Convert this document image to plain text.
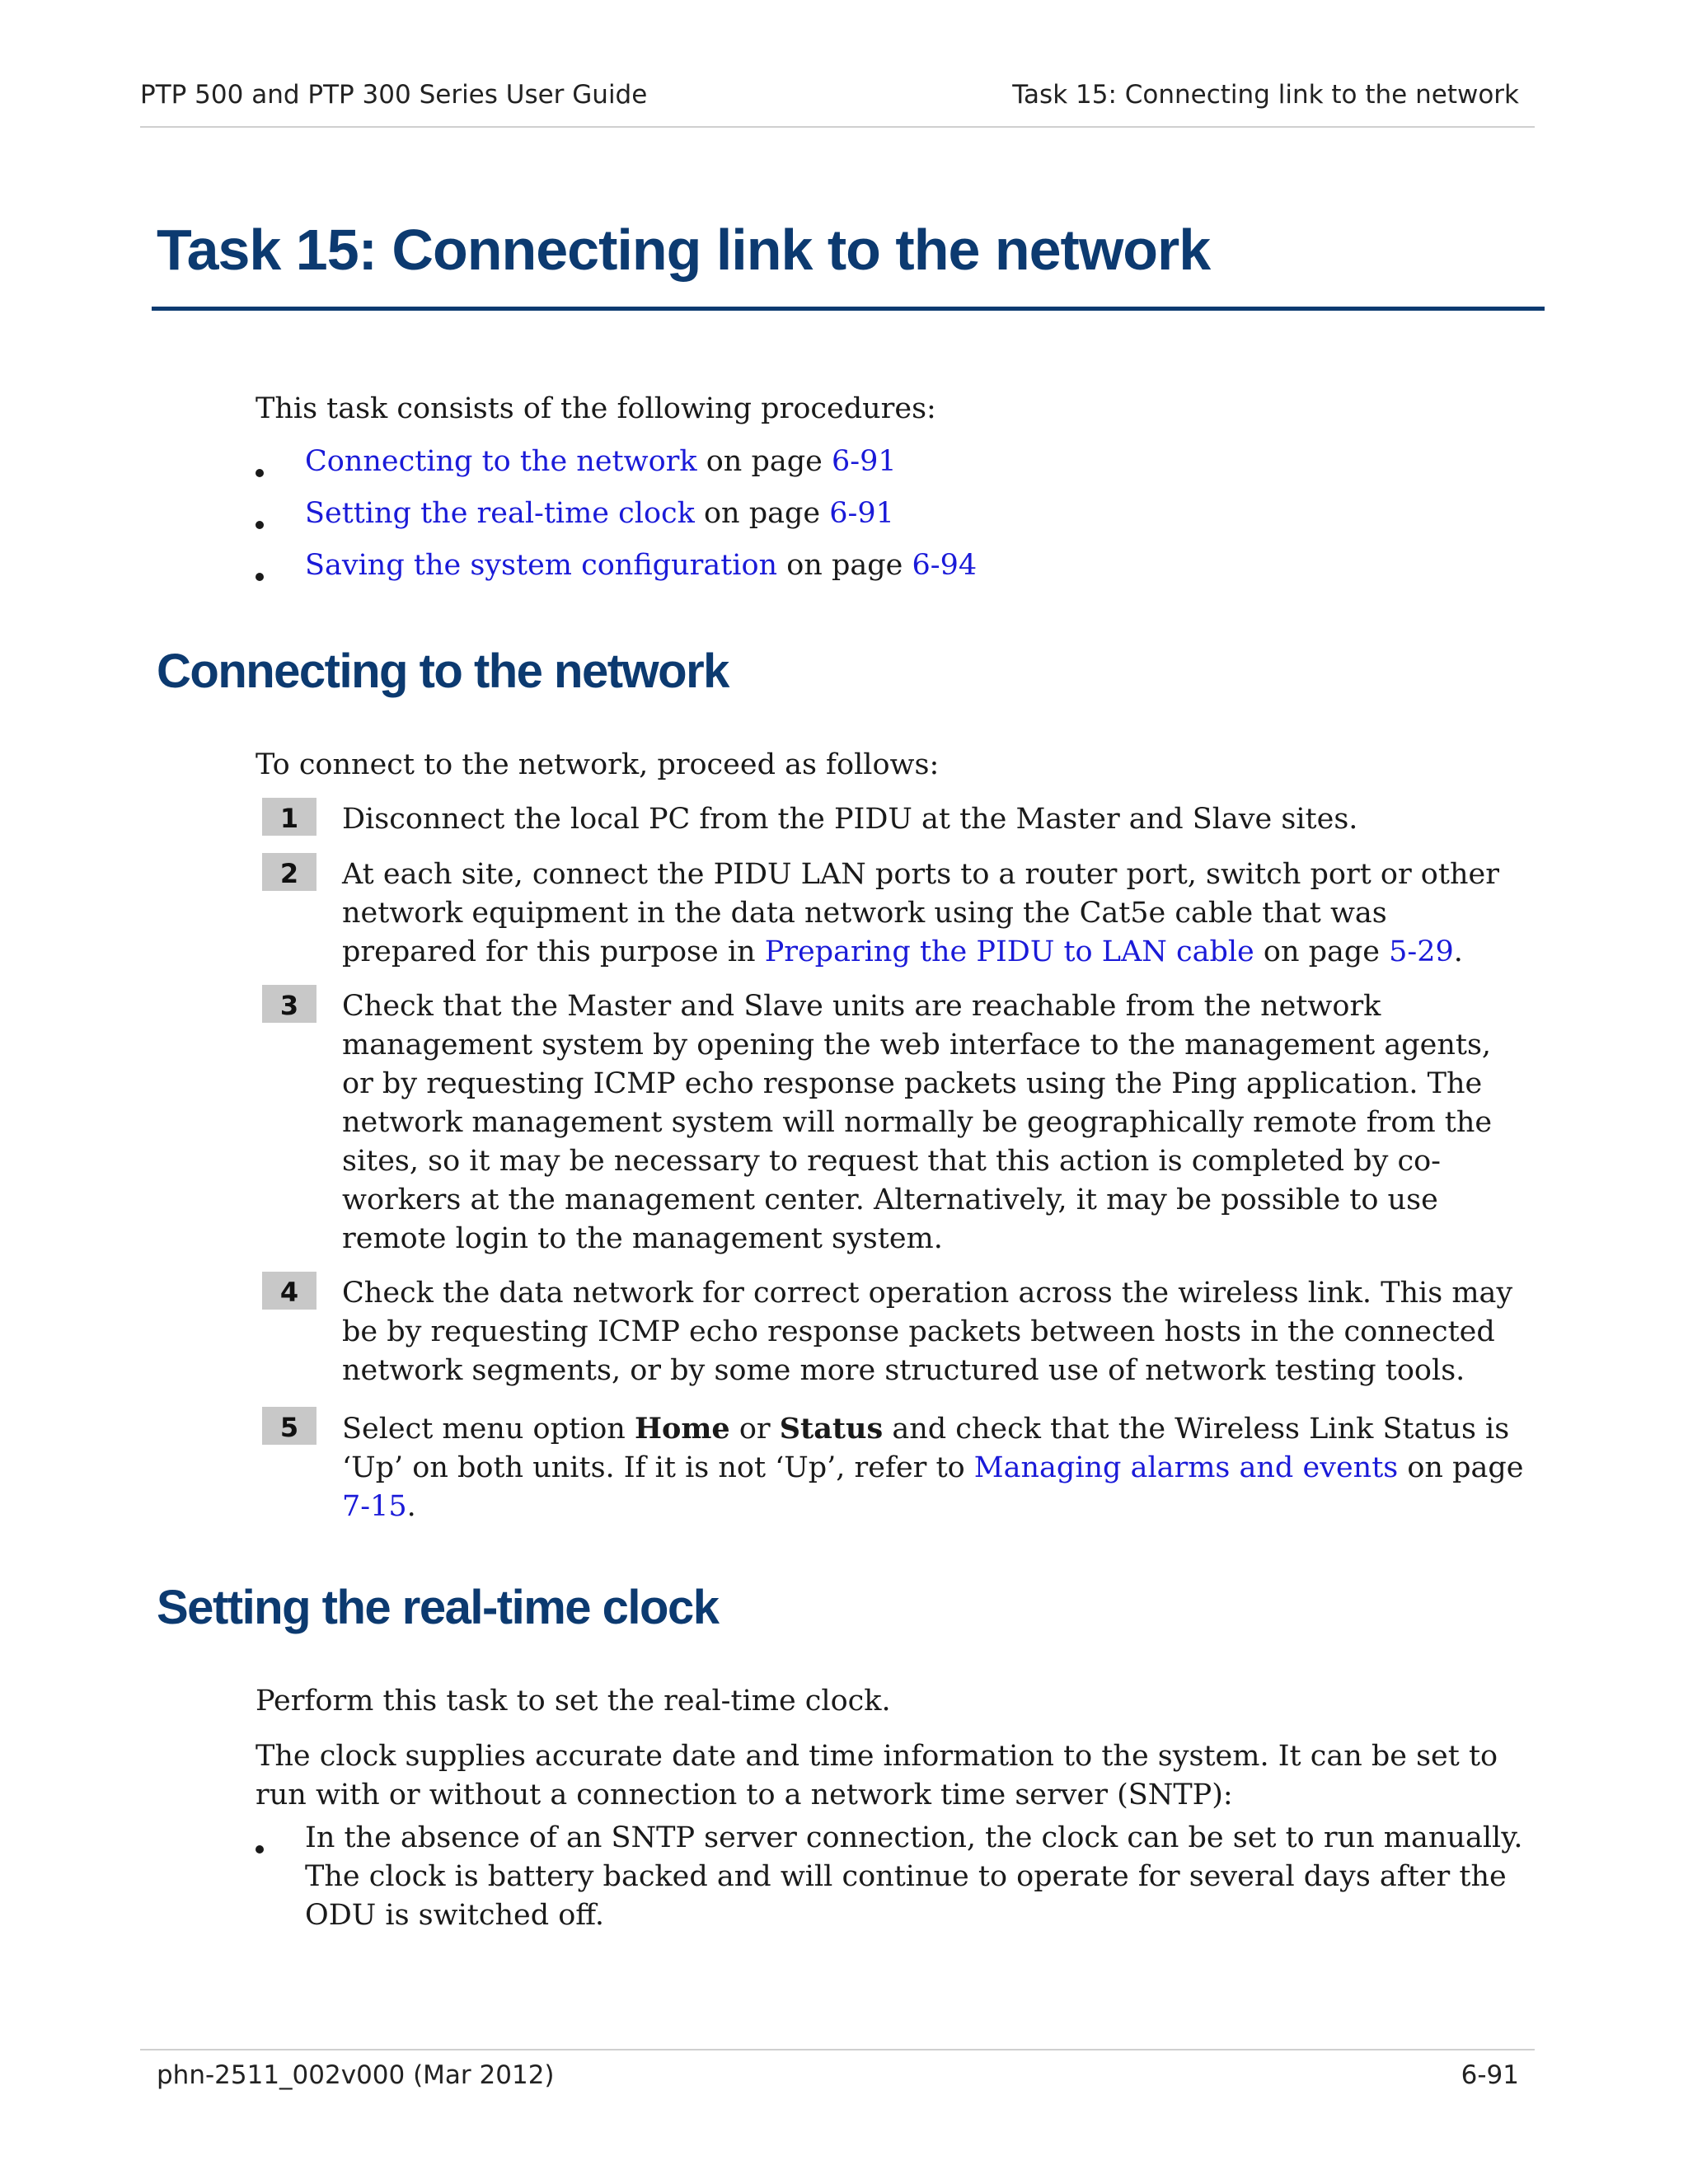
PTP 500 and PTP 300 Series User Guide	Task 15: Connecting link to the network
Task 15: Connecting link to the network
This task consists of the following procedures:
Connecting to the network on page 6-91
Setting the real-time clock on page 6-91
Saving the system configuration on page 6-94
Connecting to the network
To connect to the network, proceed as follows:
1	Disconnect the local PC from the PIDU at the Master and Slave sites.
2	At each site, connect the PIDU LAN ports to a router port, switch port or other network equipment in the data network using the Cat5e cable that was prepared for this purpose in Preparing the PIDU to LAN cable on page 5-29.
3	Check that the Master and Slave units are reachable from the network management system by opening the web interface to the management agents, or by requesting ICMP echo response packets using the Ping application. The network management system will normally be geographically remote from the sites, so it may be necessary to request that this action is completed by co-workers at the management center. Alternatively, it may be possible to use remote login to the management system.
4	Check the data network for correct operation across the wireless link. This may be by requesting ICMP echo response packets between hosts in the connected network segments, or by some more structured use of network testing tools.
5	Select menu option Home or Status and check that the Wireless Link Status is ‘Up’ on both units. If it is not ‘Up’, refer to Managing alarms and events on page 7-15.
Setting the real-time clock
Perform this task to set the real-time clock.
The clock supplies accurate date and time information to the system. It can be set to run with or without a connection to a network time server (SNTP):
In the absence of an SNTP server connection, the clock can be set to run manually. The clock is battery backed and will continue to operate for several days after the ODU is switched off.
phn-2511_002v000 (Mar 2012)	6-91
